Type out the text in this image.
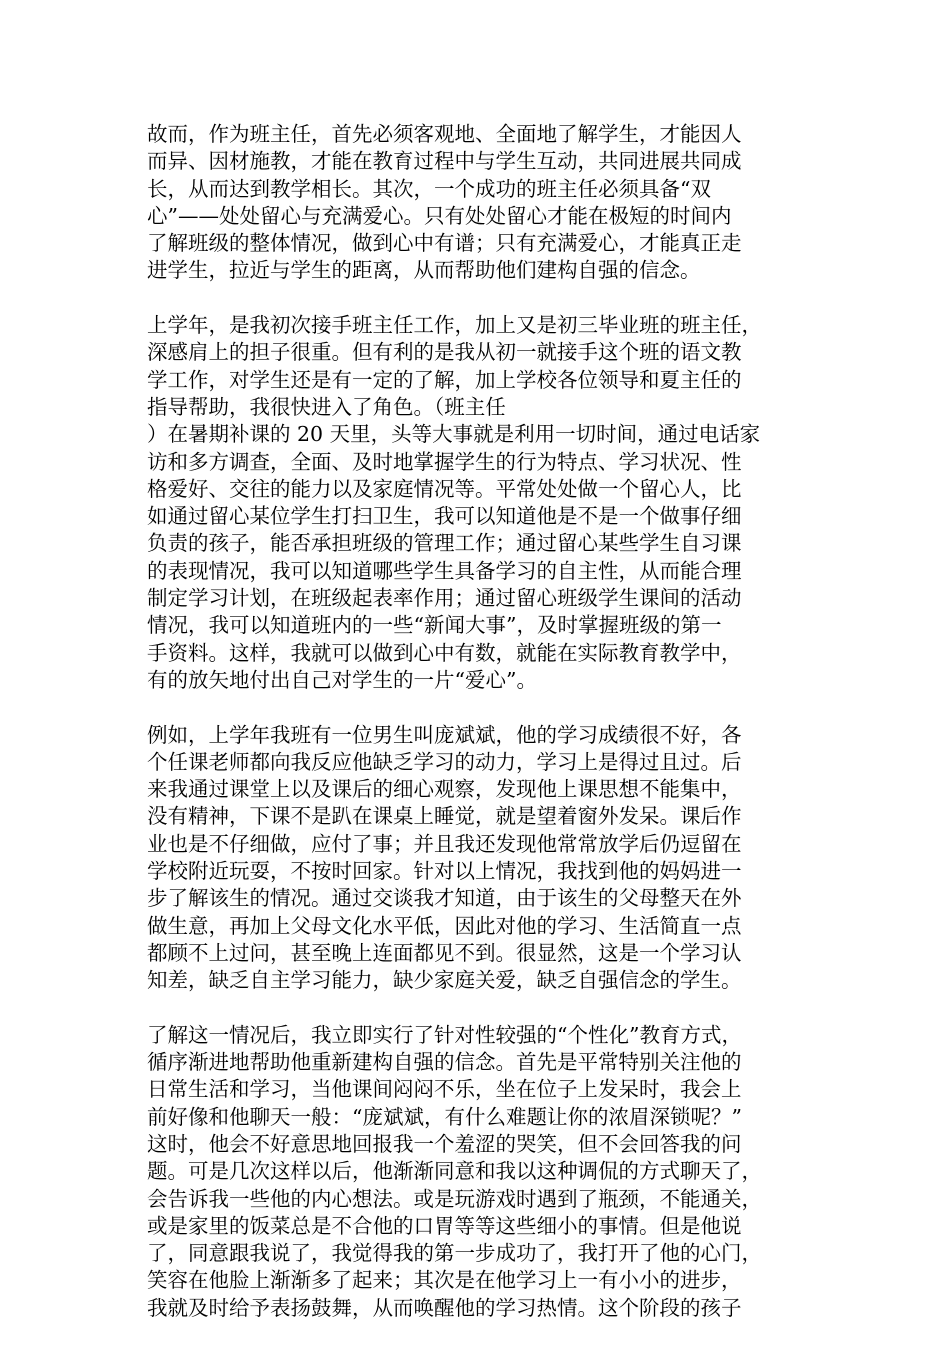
故而，作为班主任，首先必须客观地、全面地了解学生，才能因人
而异、因材施教，才能在教育过程中与学生互动，共同进展共同成
长，从而达到教学相长。其次，一个成功的班主任必须具备“双
心”——处处留心与充满爱心。只有处处留心才能在极短的时间内
了解班级的整体情况，做到心中有谱；只有充满爱心，才能真正走
进学生，拉近与学生的距离，从而帮助他们建构自强的信念。
上学年，是我初次接手班主任工作，加上又是初三毕业班的班主任，
深感肩上的担子很重。但有利的是我从初一就接手这个班的语文教
学工作，对学生还是有一定的了解，加上学校各位领导和夏主任的
指导帮助，我很快进入了角色。（班主任
）在暑期补课的 20 天里，头等大事就是利用一切时间，通过电话家
访和多方调查，全面、及时地掌握学生的行为特点、学习状况、性
格爱好、交往的能力以及家庭情况等。平常处处做一个留心人，比
如通过留心某位学生打扫卫生，我可以知道他是不是一个做事仔细
负责的孩子，能否承担班级的管理工作；通过留心某些学生自习课
的表现情况，我可以知道哪些学生具备学习的自主性，从而能合理
制定学习计划，在班级起表率作用；通过留心班级学生课间的活动
情况，我可以知道班内的一些“新闻大事”，及时掌握班级的第一
手资料。这样，我就可以做到心中有数，就能在实际教育教学中，
有的放矢地付出自己对学生的一片“爱心”。
例如，上学年我班有一位男生叫庞斌斌，他的学习成绩很不好，各
个任课老师都向我反应他缺乏学习的动力，学习上是得过且过。后
来我通过课堂上以及课后的细心观察，发现他上课思想不能集中，
没有精神，下课不是趴在课桌上睡觉，就是望着窗外发呆。课后作
业也是不仔细做，应付了事；并且我还发现他常常放学后仍逗留在
学校附近玩耍，不按时回家。针对以上情况，我找到他的妈妈进一
步了解该生的情况。通过交谈我才知道，由于该生的父母整天在外
做生意，再加上父母文化水平低，因此对他的学习、生活简直一点
都顾不上过问，甚至晚上连面都见不到。很显然，这是一个学习认
知差，缺乏自主学习能力，缺少家庭关爱，缺乏自强信念的学生。
了解这一情况后，我立即实行了针对性较强的“个性化”教育方式，
循序渐进地帮助他重新建构自强的信念。首先是平常特别关注他的
日常生活和学习，当他课间闷闷不乐，坐在位子上发呆时，我会上
前好像和他聊天一般：“庞斌斌，有什么难题让你的浓眉深锁呢？”
这时，他会不好意思地回报我一个羞涩的哭笑，但不会回答我的问
题。可是几次这样以后，他渐渐同意和我以这种调侃的方式聊天了，
会告诉我一些他的内心想法。或是玩游戏时遇到了瓶颈，不能通关，
或是家里的饭菜总是不合他的口胃等等这些细小的事情。但是他说
了，同意跟我说了，我觉得我的第一步成功了，我打开了他的心门，
笑容在他脸上渐渐多了起来；其次是在他学习上一有小小的进步，
我就及时给予表扬鼓舞，从而唤醒他的学习热情。这个阶段的孩子
